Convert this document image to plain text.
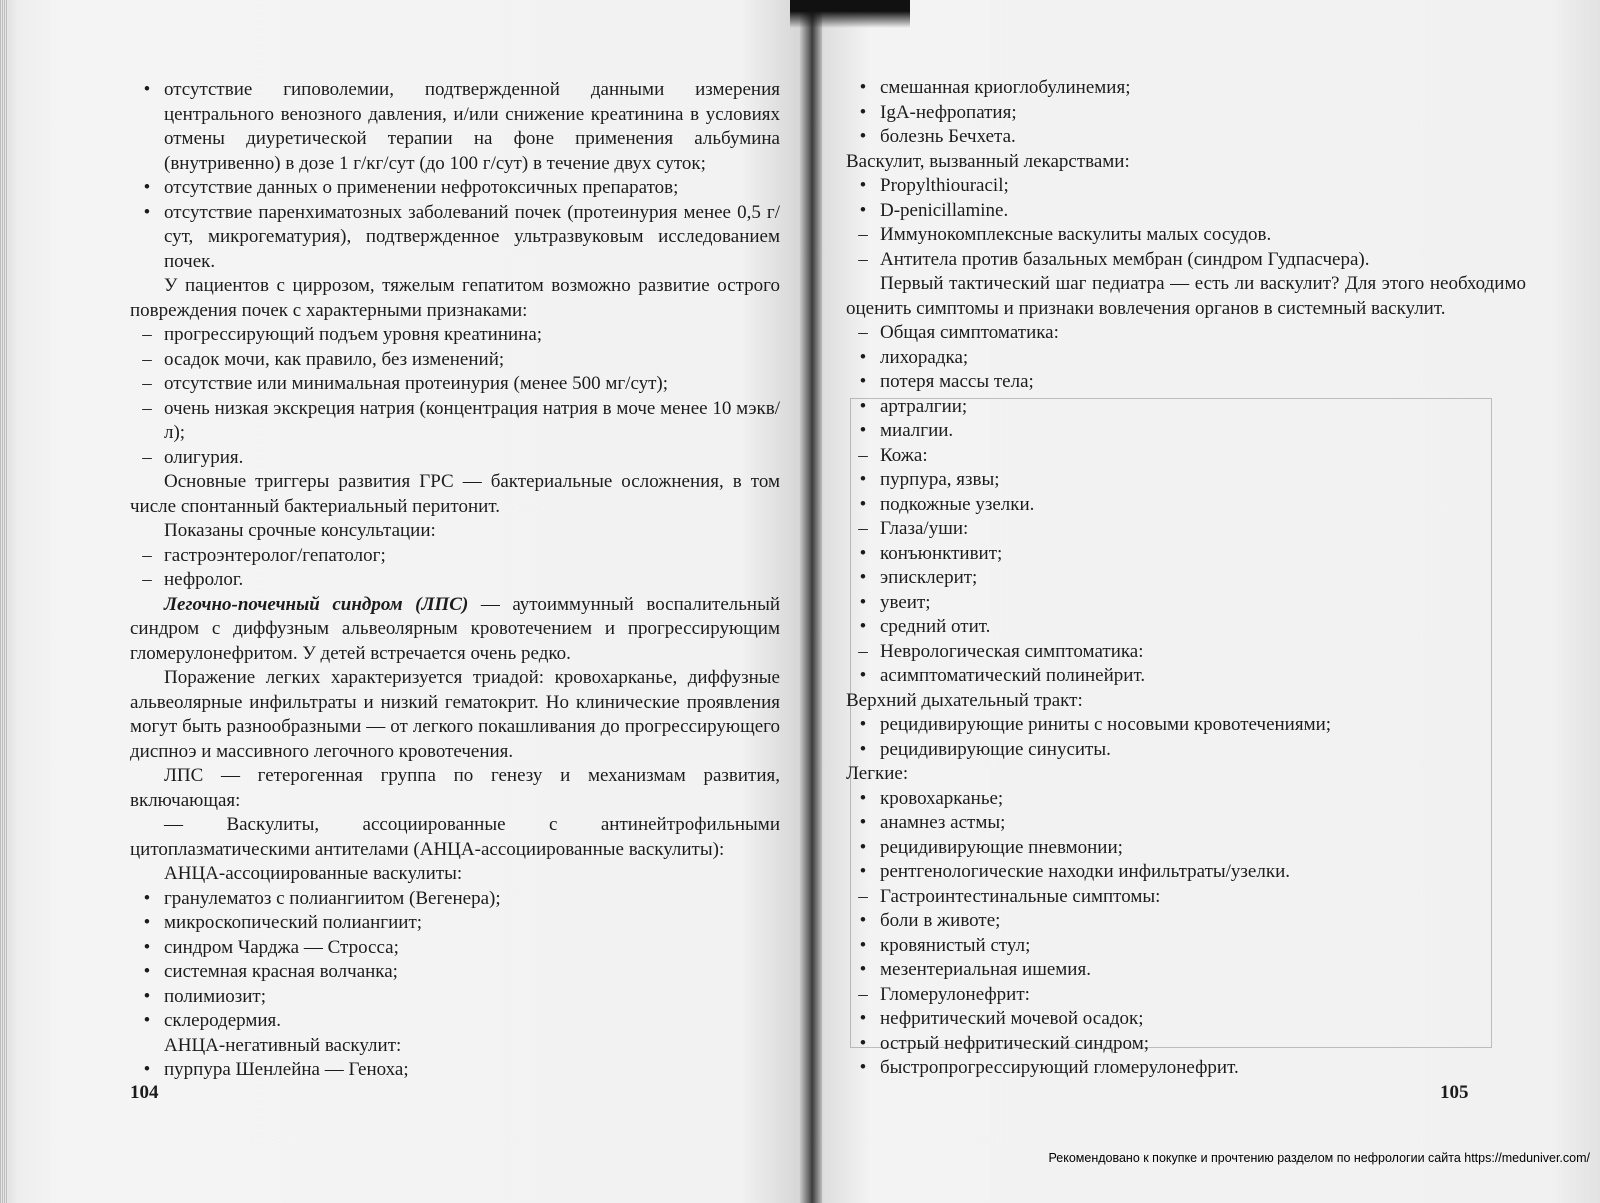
• отсутствие гиповолемии, подтвержденной данными измерения центрального венозного давления, и/или снижение креатинина в условиях отмены диуретической терапии на фоне применения альбумина (внутривенно) в дозе 1 г/кг/сут (до 100 г/сут) в течение двух суток;

• отсутствие данных о применении нефротоксичных препаратов;

• отсутствие паренхиматозных заболеваний почек (протеинурия менее 0,5 г/сут, микрогематурия), подтвержденное ультразвуковым исследованием почек.

У пациентов с циррозом, тяжелым гепатитом возможно развитие острого повреждения почек с характерными признаками:

– прогрессирующий подъем уровня креатинина;

– осадок мочи, как правило, без изменений;

– отсутствие или минимальная протеинурия (менее 500 мг/сут);

– очень низкая экскреция натрия (концентрация натрия в моче менее 10 мэкв/л);

– олигурия.

Основные триггеры развития ГРС — бактериальные осложнения, в том числе спонтанный бактериальный перитонит.

Показаны срочные консультации:

– гастроэнтеролог/гепатолог;

– нефролог.

Легочно-почечный синдром (ЛПС) — аутоиммунный воспалительный синдром с диффузным альвеолярным кровотечением и прогрессирующим гломерулонефритом. У детей встречается очень редко.

Поражение легких характеризуется триадой: кровохарканье, диффузные альвеолярные инфильтраты и низкий гематокрит. Но клинические проявления могут быть разнообразными — от легкого покашливания до прогрессирующего диспноэ и массивного легочного кровотечения.

ЛПС — гетерогенная группа по генезу и механизмам развития, включающая:

— Васкулиты, ассоциированные с антинейтрофильными цитоплазматическими антителами (АНЦА-ассоциированные васкулиты):

АНЦА-ассоциированные васкулиты:

• гранулематоз с полиангиитом (Вегенера);

• микроскопический полиангиит;

• синдром Чарджа — Стросса;

• системная красная волчанка;

• полимиозит;

• склеродермия.

АНЦА-негативный васкулит:

• пурпура Шенлейна — Геноха;

104

• смешанная криоглобулинемия;

• IgA-нефропатия;

• болезнь Бечхета.

Васкулит, вызванный лекарствами:

• Propylthiouracil;

• D-penicillamine.

– Иммунокомплексные васкулиты малых сосудов.

– Антитела против базальных мембран (синдром Гудпасчера).

Первый тактический шаг педиатра — есть ли васкулит? Для этого необходимо оценить симптомы и признаки вовлечения органов в системный васкулит.

– Общая симптоматика:

• лихорадка;

• потеря массы тела;

• артралгии;

• миалгии.

– Кожа:

• пурпура, язвы;

• подкожные узелки.

– Глаза/уши:

• конъюнктивит;

• эписклерит;

• увеит;

• средний отит.

– Неврологическая симптоматика:

• асимптоматический полинейрит.

Верхний дыхательный тракт:

• рецидивирующие риниты с носовыми кровотечениями;

• рецидивирующие синуситы.

Легкие:

• кровохарканье;

• анамнез астмы;

• рецидивирующие пневмонии;

• рентгенологические находки инфильтраты/узелки.

– Гастроинтестинальные симптомы:

• боли в животе;

• кровянистый стул;

• мезентериальная ишемия.

– Гломерулонефрит:

• нефритический мочевой осадок;

• острый нефритический синдром;

• быстропрогрессирующий гломерулонефрит.

105
Рекомендовано к покупке и прочтению разделом по нефрологии сайта https://meduniver.com/
